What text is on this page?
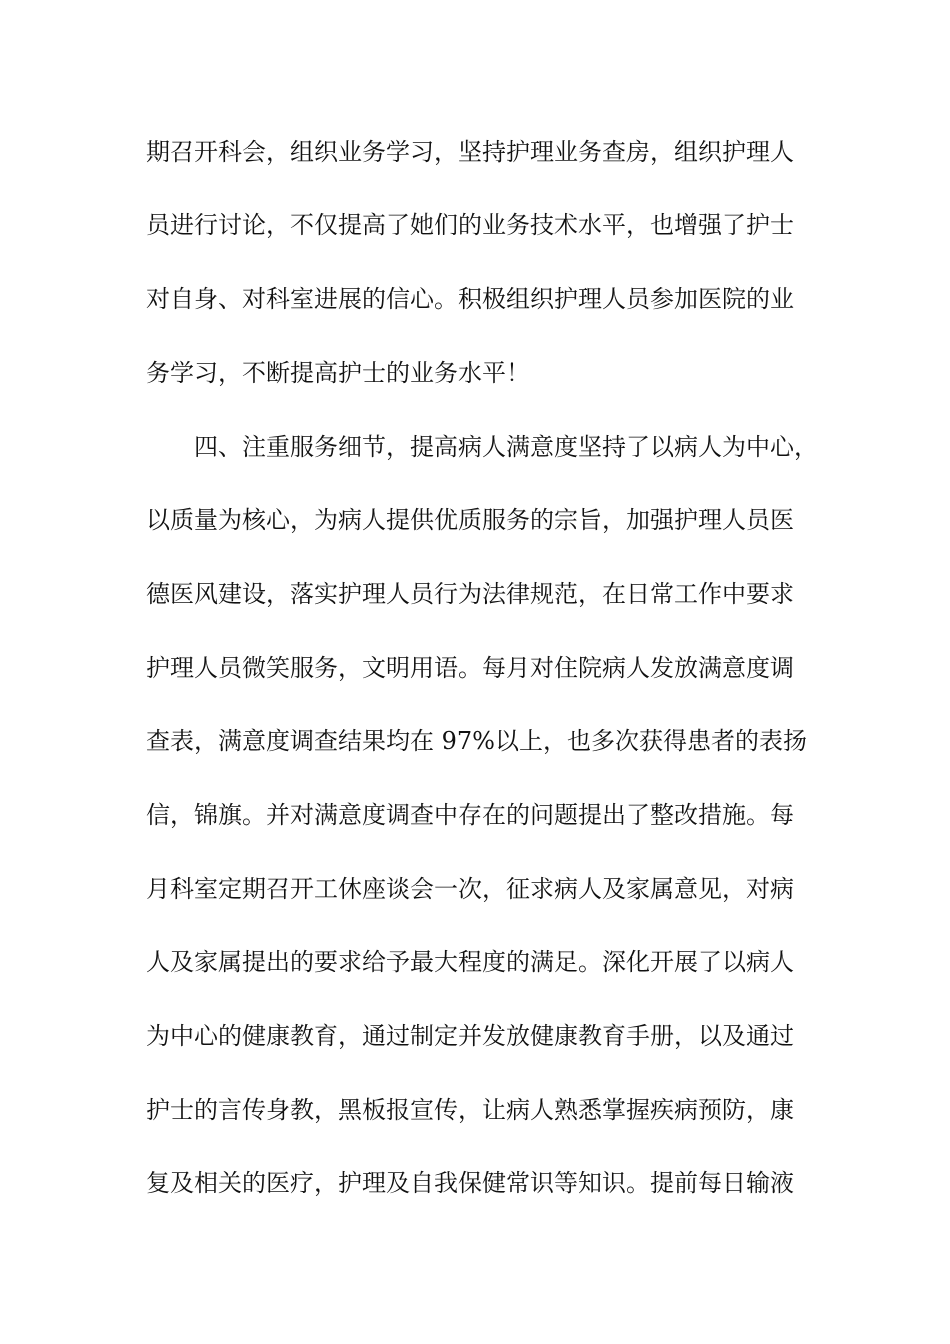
期召开科会，组织业务学习，坚持护理业务查房，组织护理人
员进行讨论，不仅提高了她们的业务技术水平，也增强了护士
对自身、对科室进展的信心。积极组织护理人员参加医院的业
务学习，不断提高护士的业务水平！
四、注重服务细节，提高病人满意度坚持了以病人为中心，
以质量为核心，为病人提供优质服务的宗旨，加强护理人员医
德医风建设，落实护理人员行为法律规范，在日常工作中要求
护理人员微笑服务，文明用语。每月对住院病人发放满意度调
查表，满意度调查结果均在 97%以上，也多次获得患者的表扬
信，锦旗。并对满意度调查中存在的问题提出了整改措施。每
月科室定期召开工休座谈会一次，征求病人及家属意见，对病
人及家属提出的要求给予最大程度的满足。深化开展了以病人
为中心的健康教育，通过制定并发放健康教育手册，以及通过
护士的言传身教，黑板报宣传，让病人熟悉掌握疾病预防，康
复及相关的医疗，护理及自我保健常识等知识。提前每日输液
